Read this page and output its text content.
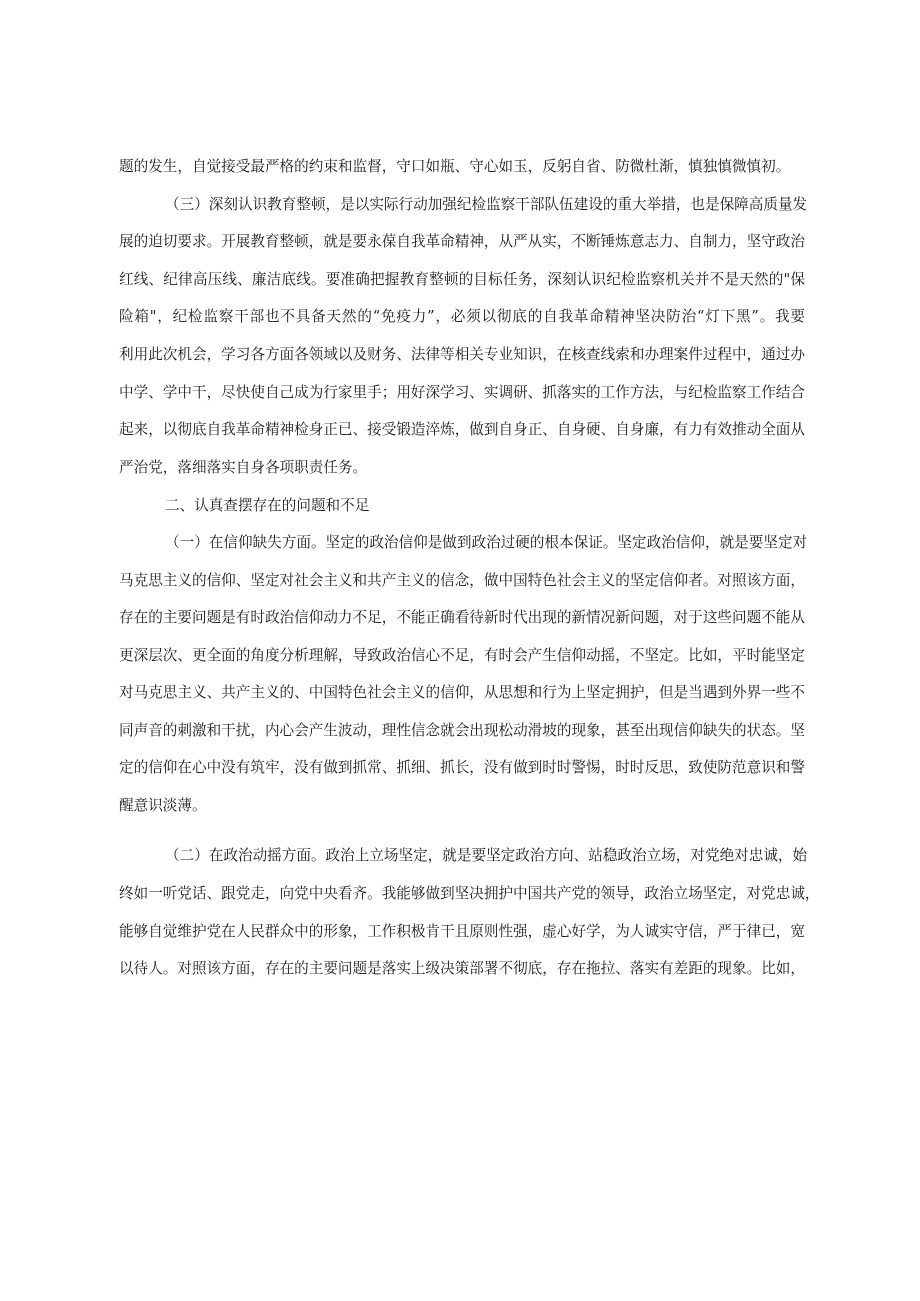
题的发生，自觉接受最严格的约束和监督，守口如瓶、守心如玉，反躬自省、防微杜渐，慎独慎微慎初。

（三）深刻认识教育整顿，是以实际行动加强纪检监察干部队伍建设的重大举措，也是保障高质量发

展的迫切要求。开展教育整顿，就是要永葆自我革命精神，从严从实，不断锤炼意志力、自制力，坚守政治

红线、纪律高压线、廉洁底线。要准确把握教育整顿的目标任务，深刻认识纪检监察机关并不是天然的"保

险箱"，纪检监察干部也不具备天然的“免疫力”，必须以彻底的自我革命精神坚决防治“灯下黑”。我要

利用此次机会，学习各方面各领域以及财务、法律等相关专业知识，在核查线索和办理案件过程中，通过办

中学、学中干，尽快使自己成为行家里手；用好深学习、实调研、抓落实的工作方法，与纪检监察工作结合

起来，以彻底自我革命精神检身正已、接受锻造淬炼，做到自身正、自身硬、自身廉，有力有效推动全面从

严治党，落细落实自身各项职责任务。

二、认真查摆存在的问题和不足

（一）在信仰缺失方面。坚定的政治信仰是做到政治过硬的根本保证。坚定政治信仰，就是要坚定对

马克思主义的信仰、坚定对社会主义和共产主义的信念，做中国特色社会主义的坚定信仰者。对照该方面，

存在的主要问题是有时政治信仰动力不足，不能正确看待新时代出现的新情况新问题，对于这些问题不能从

更深层次、更全面的角度分析理解，导致政治信心不足，有时会产生信仰动摇，不坚定。比如，平时能坚定

对马克思主义、共产主义的、中国特色社会主义的信仰，从思想和行为上坚定拥护，但是当遇到外界一些不

同声音的刺激和干扰，内心会产生波动，理性信念就会出现松动滑坡的现象，甚至出现信仰缺失的状态。坚

定的信仰在心中没有筑牢，没有做到抓常、抓细、抓长，没有做到时时警惕，时时反思，致使防范意识和警

醒意识淡薄。

（二）在政治动摇方面。政治上立场坚定，就是要坚定政治方向、站稳政治立场，对党绝对忠诚，始

终如一听党话、跟党走，向党中央看齐。我能够做到坚决拥护中国共产党的领导，政治立场坚定，对党忠诚，

能够自觉维护党在人民群众中的形象，工作积极肯干且原则性强，虚心好学，为人诚实守信，严于律已，宽

以待人。对照该方面，存在的主要问题是落实上级决策部署不彻底，存在拖拉、落实有差距的现象。比如，
